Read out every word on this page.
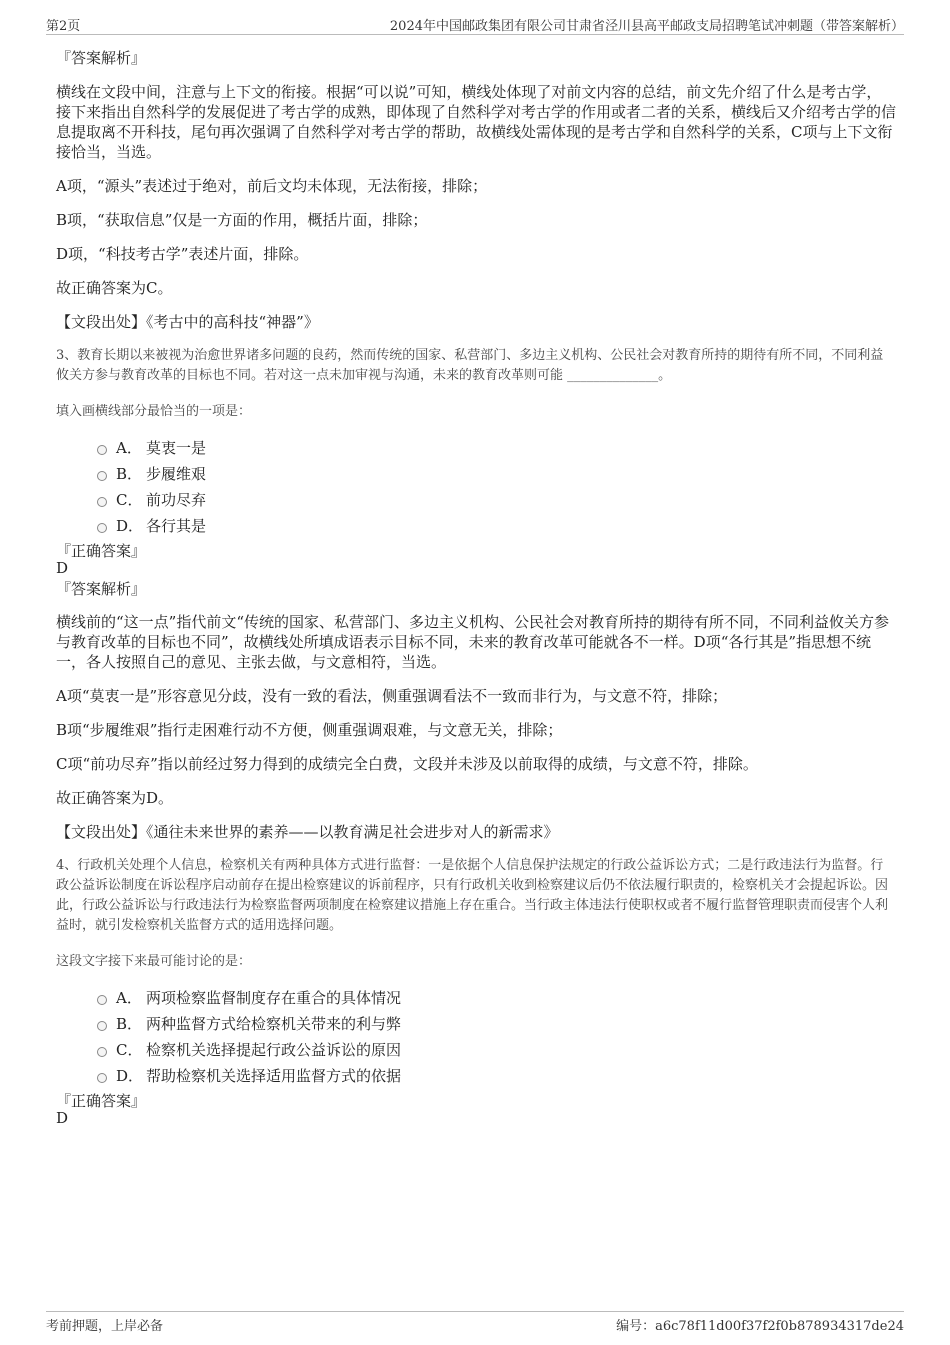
第2页	2024年中国邮政集团有限公司甘肃省泾川县高平邮政支局招聘笔试冲刺题（带答案解析）
『答案解析』

横线在文段中间，注意与上下文的衔接。根据“可以说”可知，横线处体现了对前文内容的总结，前文先介绍了什么是考古学，接下来指出自然科学的发展促进了考古学的成熟，即体现了自然科学对考古学的作用或者二者的关系，横线后又介绍考古学的信息提取离不开科技，尾句再次强调了自然科学对考古学的帮助，故横线处需体现的是考古学和自然科学的关系，C项与上下文衔接恰当，当选。

A项，“源头”表述过于绝对，前后文均未体现，无法衔接，排除；

B项，“获取信息”仅是一方面的作用，概括片面，排除；

D项，“科技考古学”表述片面，排除。

故正确答案为C。

【文段出处】《考古中的高科技“神器”》

3、教育长期以来被视为治愈世界诸多问题的良药，然而传统的国家、私营部门、多边主义机构、公民社会对教育所持的期待有所不同，不同利益攸关方参与教育改革的目标也不同。若对这一点未加审视与沟通，未来的教育改革则可能 ______________。

填入画横线部分最恰当的一项是：
A． 莫衷一是
B． 步履维艰
C． 前功尽弃
D． 各行其是
『正确答案』
D
『答案解析』

横线前的“这一点”指代前文“传统的国家、私营部门、多边主义机构、公民社会对教育所持的期待有所不同，不同利益攸关方参与教育改革的目标也不同”，故横线处所填成语表示目标不同，未来的教育改革可能就各不一样。D项“各行其是”指思想不统一，各人按照自己的意见、主张去做，与文意相符，当选。

A项“莫衷一是”形容意见分歧，没有一致的看法，侧重强调看法不一致而非行为，与文意不符，排除；

B项“步履维艰”指行走困难行动不方便，侧重强调艰难，与文意无关，排除；

C项“前功尽弃”指以前经过努力得到的成绩完全白费，文段并未涉及以前取得的成绩，与文意不符，排除。

故正确答案为D。

【文段出处】《通往未来世界的素养——以教育满足社会进步对人的新需求》

4、行政机关处理个人信息，检察机关有两种具体方式进行监督：一是依据个人信息保护法规定的行政公益诉讼方式；二是行政违法行为监督。行政公益诉讼制度在诉讼程序启动前存在提出检察建议的诉前程序，只有行政机关收到检察建议后仍不依法履行职责的，检察机关才会提起诉讼。因此，行政公益诉讼与行政违法行为检察监督两项制度在检察建议措施上存在重合。当行政主体违法行使职权或者不履行监督管理职责而侵害个人利益时，就引发检察机关监督方式的适用选择问题。

这段文字接下来最可能讨论的是：
A． 两项检察监督制度存在重合的具体情况
B． 两种监督方式给检察机关带来的利与弊
C． 检察机关选择提起行政公益诉讼的原因
D． 帮助检察机关选择适用监督方式的依据
『正确答案』
D
考前押题，上岸必备	编号：a6c78f11d00f37f2f0b878934317de24
